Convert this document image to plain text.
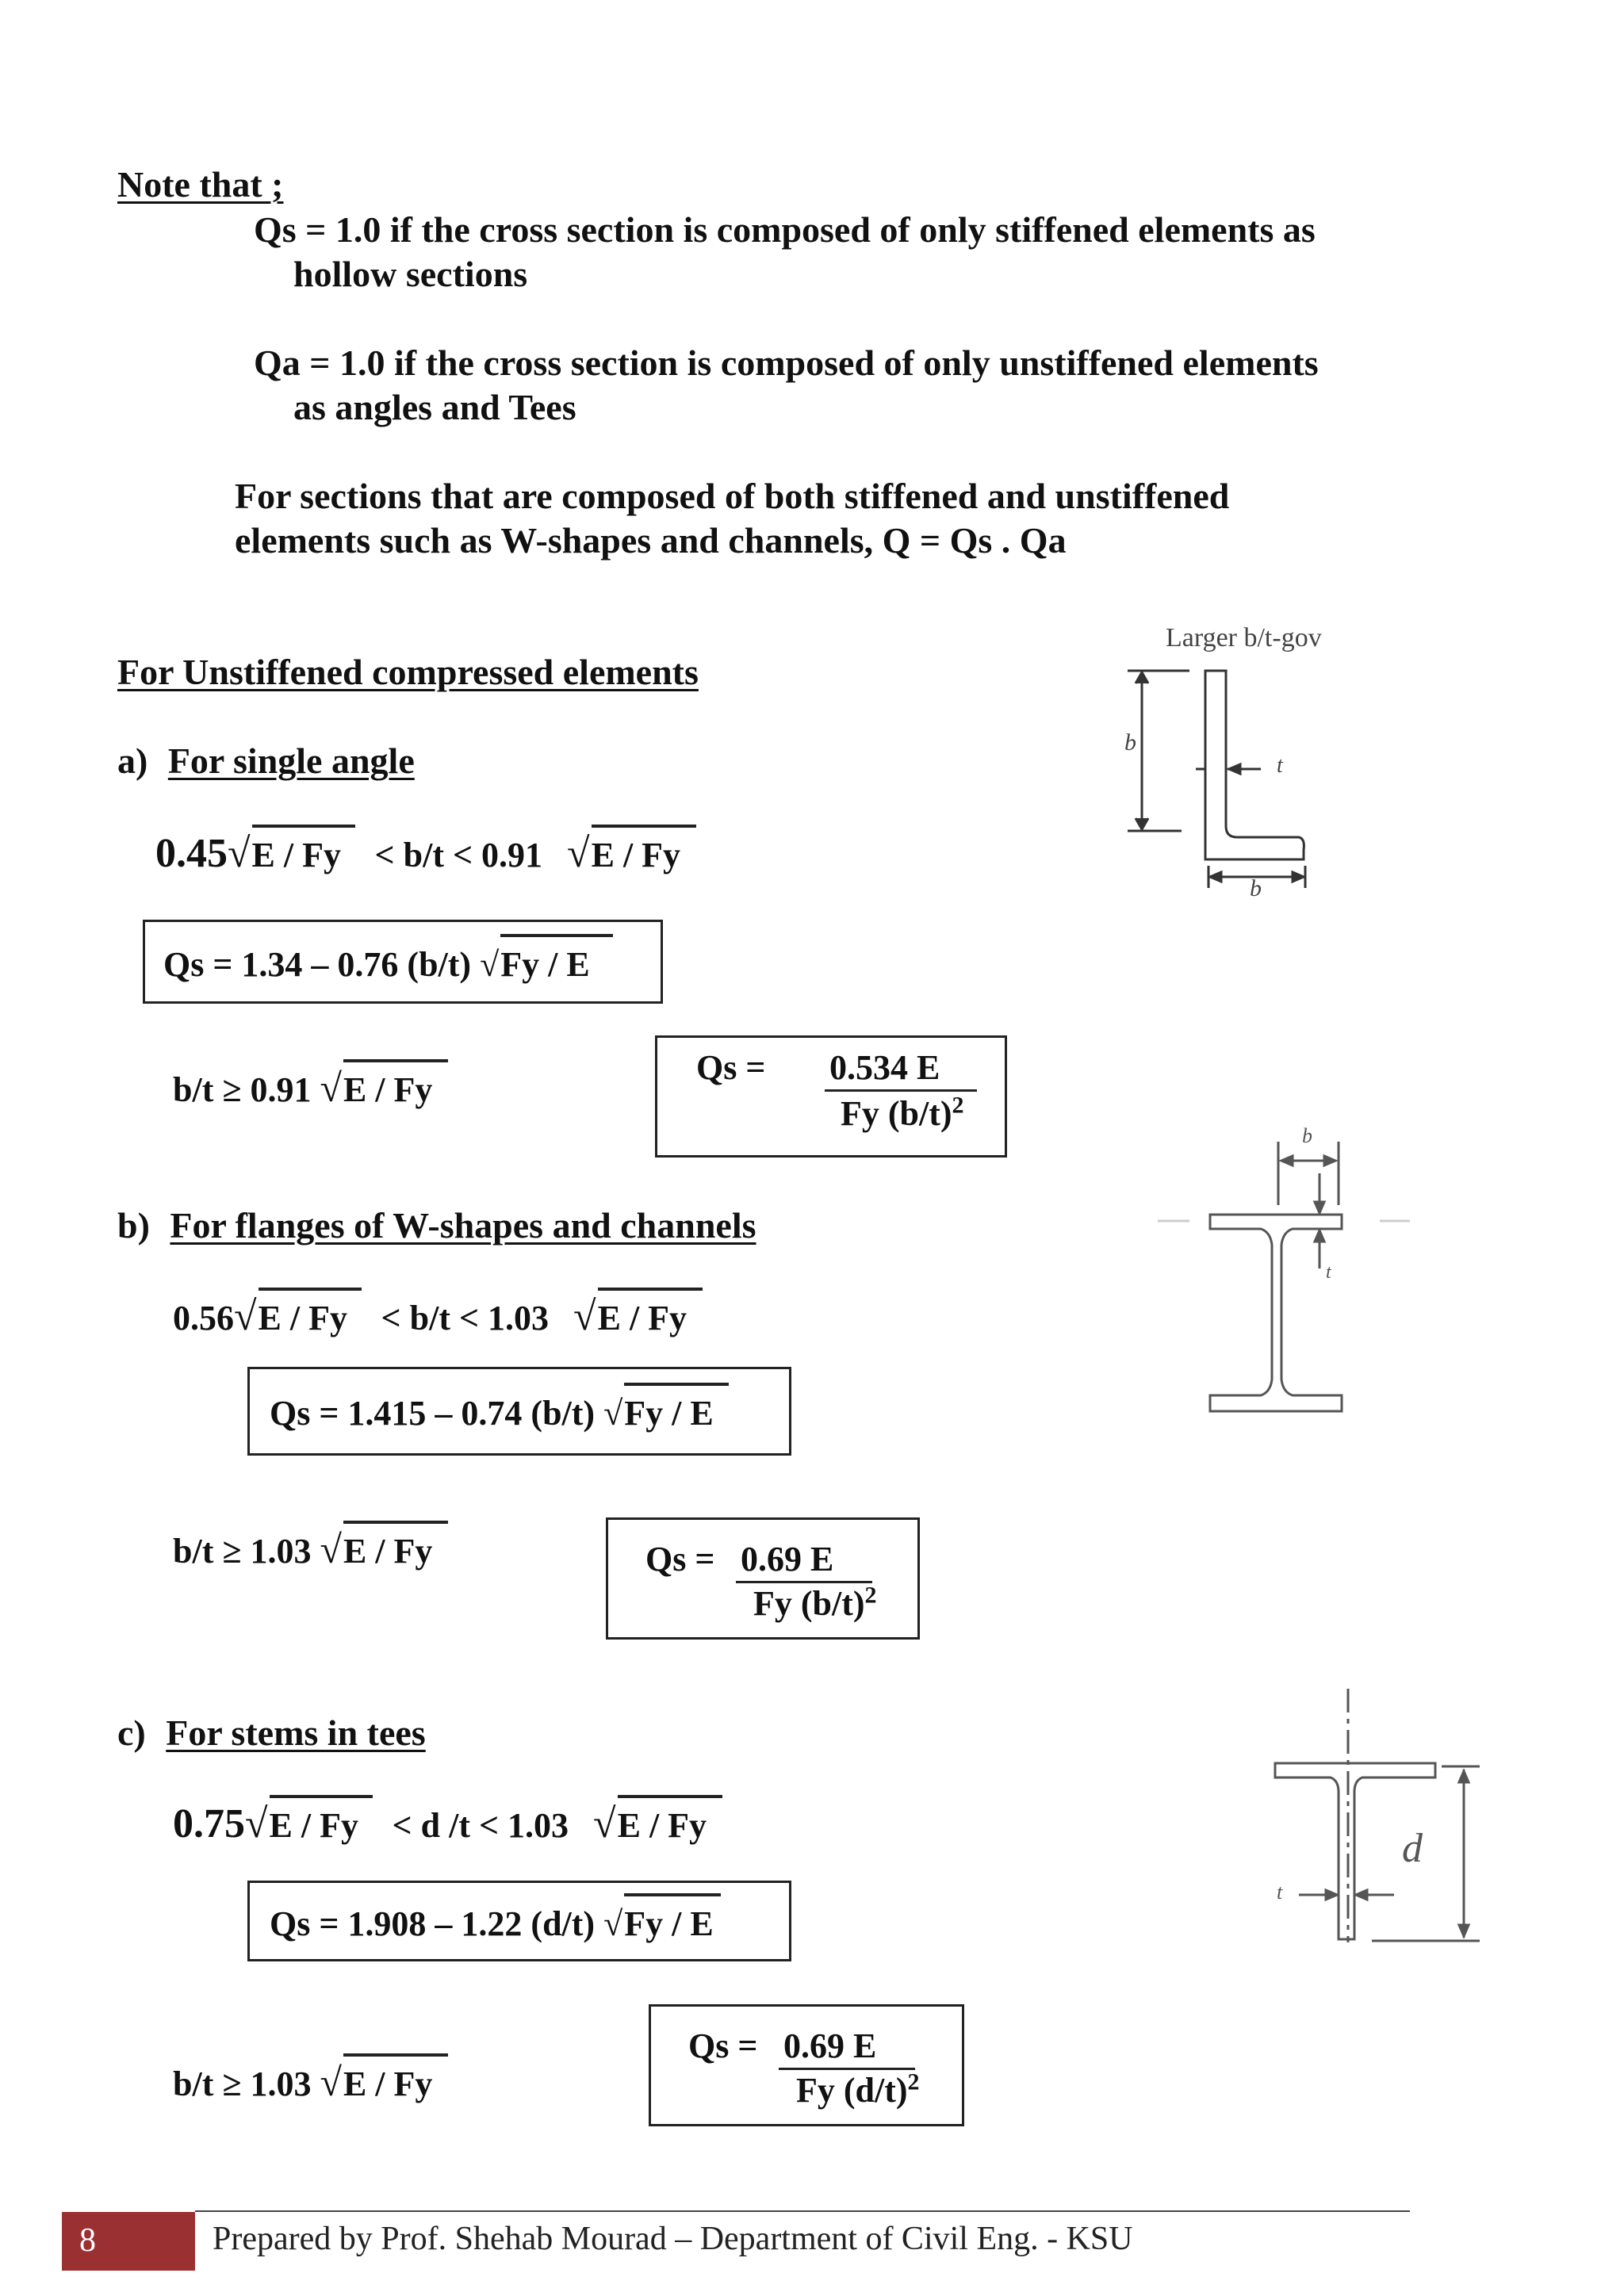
Note that ;
Qs = 1.0 if the cross section is composed of only stiffened elements as
hollow sections
Qa = 1.0 if the cross section is composed of only unstiffened elements
as angles and Tees
For sections that are composed of both stiffened and unstiffened
elements such as W-shapes and channels, Q = Qs . Qa
For Unstiffened compressed elements
a) For single angle
0.45√E / Fy < b/t < 0.91 √E / Fy
Qs = 1.34 – 0.76 (b/t) √Fy / E
b/t ≥ 0.91 √E / Fy
Qs = 0.534 E
Fy $(b/t)^2$
b) For flanges of W-shapes and channels
0.56√E / Fy < b/t < 1.03 √E / Fy
Qs = 1.415 – 0.74 (b/t) √Fy / E
b/t ≥ 1.03 √E / Fy	Qs = 0.69 E
Fy $(b/t)^2$
c) For stems in tees
0.75√E / Fy < d /t < 1.03 √E / Fy
Qs = 1.908 – 1.22 (d/t) √Fy / E
Qs = 0.69 E
Fy $(d/t)^2$
b/t ≥ 1.03 √E / Fy
Larger b/t-gov
b
t
b
b
t
d
t
8	Prepared by Prof. Shehab Mourad – Department of Civil Eng. - KSU
